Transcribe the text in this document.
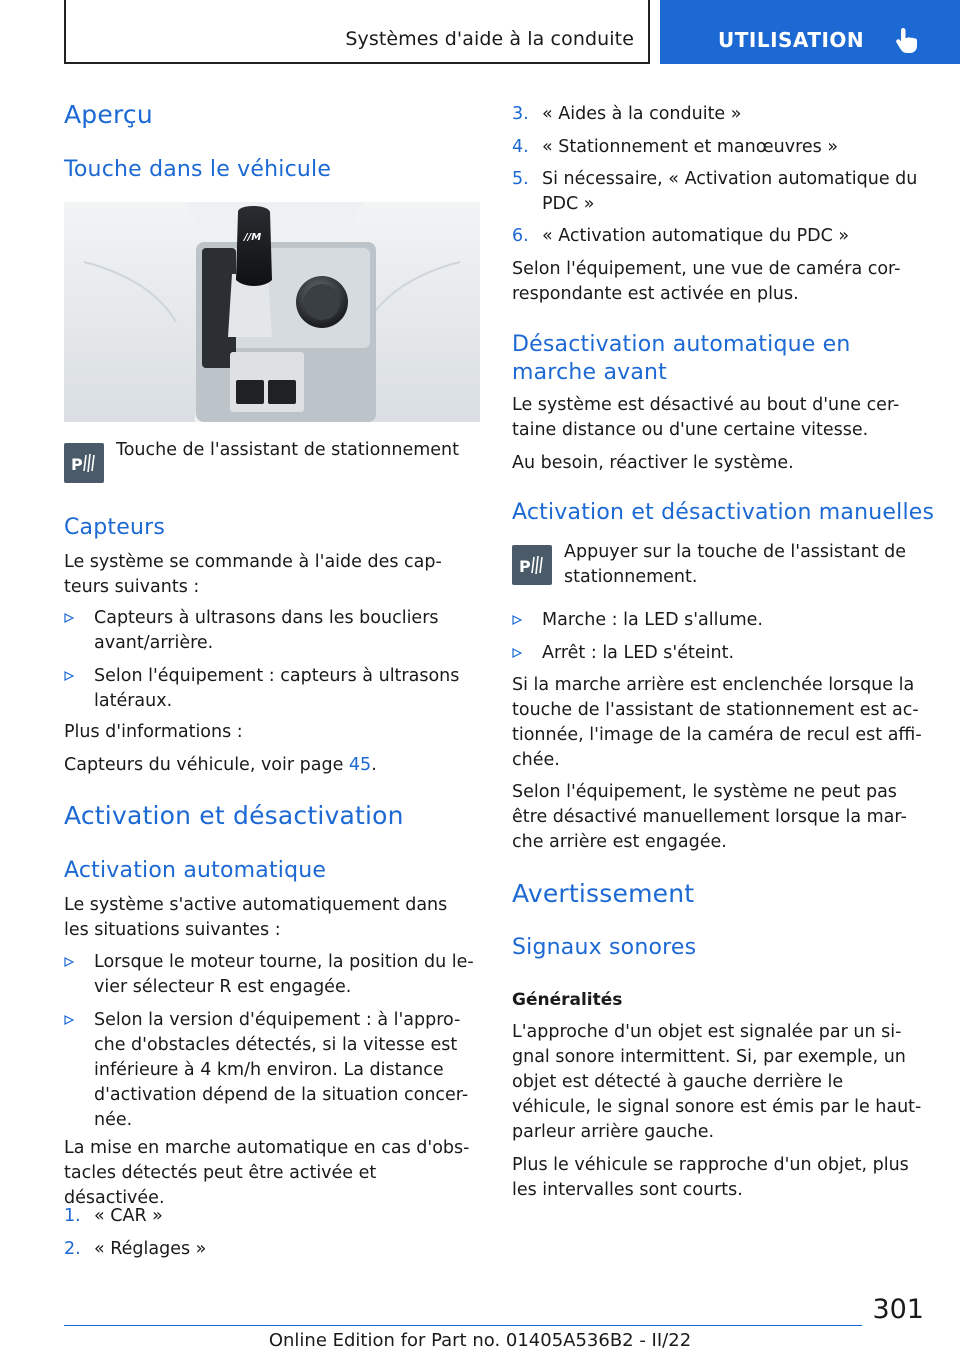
Systèmes d'aide à la conduite	UTILISATION
Aperçu
Touche dans le véhicule
//M
P
Touche de l'assistant de stationnement
Capteurs
Le système se commande à l'aide des cap-teurs suivants :
Capteurs à ultrasons dans les boucliers avant/arrière.
Selon l'équipement : capteurs à ultrasons latéraux.
Plus d'informations :
Capteurs du véhicule, voir page 45.
Activation et désactivation
Activation automatique
Le système s'active automatiquement dans les situations suivantes :
Lorsque le moteur tourne, la position du le-vier sélecteur R est engagée.
Selon la version d'équipement : à l'appro-che d'obstacles détectés, si la vitesse est inférieure à 4 km/h environ. La distance d'activation dépend de la situation concer-née.
La mise en marche automatique en cas d'obs-tacles détectés peut être activée et désactivée.
1. « CAR »
2. « Réglages »
3. « Aides à la conduite »
4. « Stationnement et manœuvres »
5. Si nécessaire, « Activation automatique du PDC »
6. « Activation automatique du PDC »
Selon l'équipement, une vue de caméra cor-respondante est activée en plus.
Désactivation automatique en marche avant
Le système est désactivé au bout d'une cer-taine distance ou d'une certaine vitesse.
Au besoin, réactiver le système.
Activation et désactivation manuelles
P
Appuyer sur la touche de l'assistant de stationnement.
Marche : la LED s'allume.
Arrêt : la LED s'éteint.
Si la marche arrière est enclenchée lorsque la touche de l'assistant de stationnement est ac-tionnée, l'image de la caméra de recul est affi-chée.
Selon l'équipement, le système ne peut pas être désactivé manuellement lorsque la mar-che arrière est engagée.
Avertissement
Signaux sonores
Généralités
L'approche d'un objet est signalée par un si-gnal sonore intermittent. Si, par exemple, un objet est détecté à gauche derrière le véhicule, le signal sonore est émis par le haut-parleur arrière gauche.
Plus le véhicule se rapproche d'un objet, plus les intervalles sont courts.
301
Online Edition for Part no. 01405A536B2 - II/22
